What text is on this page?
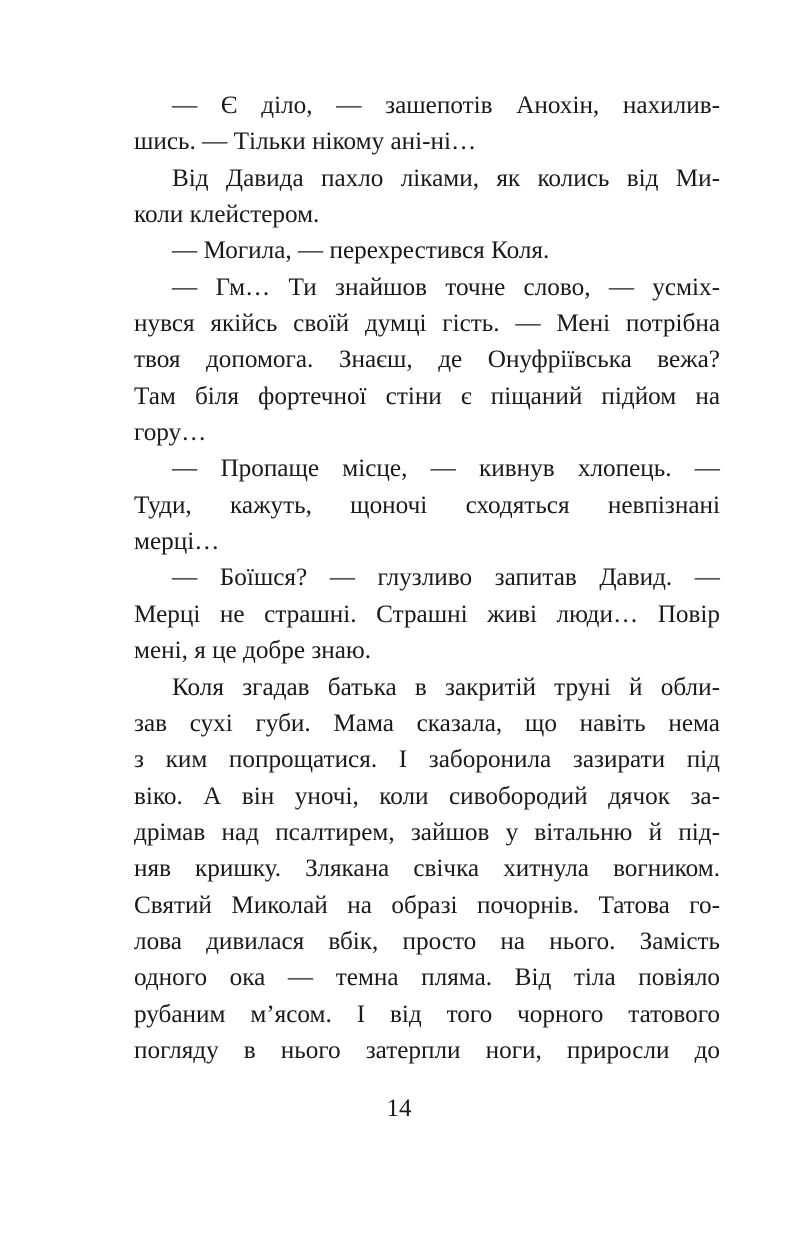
— Є діло, — зашепотів Анохін, нахилив-
шись. — Тільки нікому ані-ні…
Від Давида пахло ліками, як колись від Ми-
коли клейстером.
— Могила, — перехрестився Коля.
— Гм… Ти знайшов точне слово, — усміх-
нувся якійсь своїй думці гість. — Мені потрібна
твоя допомога. Знаєш, де Онуфріївська вежа?
Там біля фортечної стіни є піщаний підйом на
гору…
— Пропаще місце, — кивнув хлопець. —
Туди, кажуть, щоночі сходяться невпізнані
мерці…
— Боїшся? — глузливо запитав Давид. —
Мерці не страшні. Страшні живі люди… Повір
мені, я це добре знаю.
Коля згадав батька в закритій труні й обли-
зав сухі губи. Мама сказала, що навіть нема
з ким попрощатися. І заборонила зазирати під
віко. А він уночі, коли сивобородий дячок за-
дрімав над псалтирем, зайшов у вітальню й під-
няв кришку. Злякана свічка хитнула вогником.
Святий Миколай на образі почорнів. Татова го-
лова дивилася вбік, просто на нього. Замість
одного ока — темна пляма. Від тіла повіяло
рубаним м’ясом. І від того чорного татового
погляду в нього затерпли ноги, приросли до
14
